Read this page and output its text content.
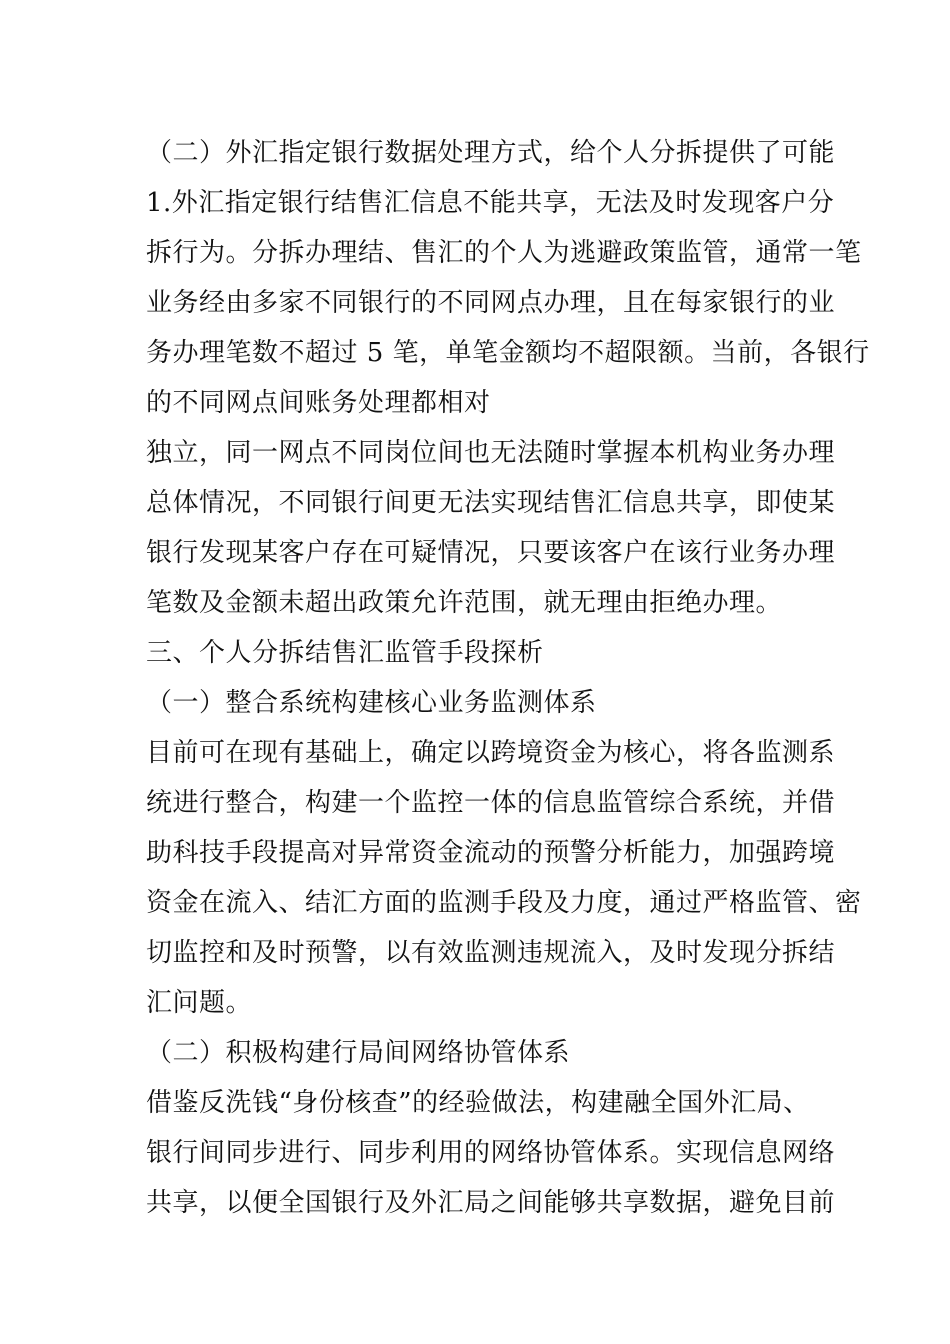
（二）外汇指定银行数据处理方式，给个人分拆提供了可能
1.外汇指定银行结售汇信息不能共享，无法及时发现客户分
拆行为。分拆办理结、售汇的个人为逃避政策监管，通常一笔
业务经由多家不同银行的不同网点办理，且在每家银行的业
务办理笔数不超过 5 笔，单笔金额均不超限额。当前，各银行
的不同网点间账务处理都相对
独立，同一网点不同岗位间也无法随时掌握本机构业务办理
总体情况，不同银行间更无法实现结售汇信息共享，即使某
银行发现某客户存在可疑情况，只要该客户在该行业务办理
笔数及金额未超出政策允许范围，就无理由拒绝办理。
三、个人分拆结售汇监管手段探析
（一）整合系统构建核心业务监测体系
目前可在现有基础上，确定以跨境资金为核心，将各监测系
统进行整合，构建一个监控一体的信息监管综合系统，并借
助科技手段提高对异常资金流动的预警分析能力，加强跨境
资金在流入、结汇方面的监测手段及力度，通过严格监管、密
切监控和及时预警，以有效监测违规流入，及时发现分拆结
汇问题。
（二）积极构建行局间网络协管体系
借鉴反洗钱“身份核查”的经验做法，构建融全国外汇局、
银行间同步进行、同步利用的网络协管体系。实现信息网络
共享，以便全国银行及外汇局之间能够共享数据，避免目前
